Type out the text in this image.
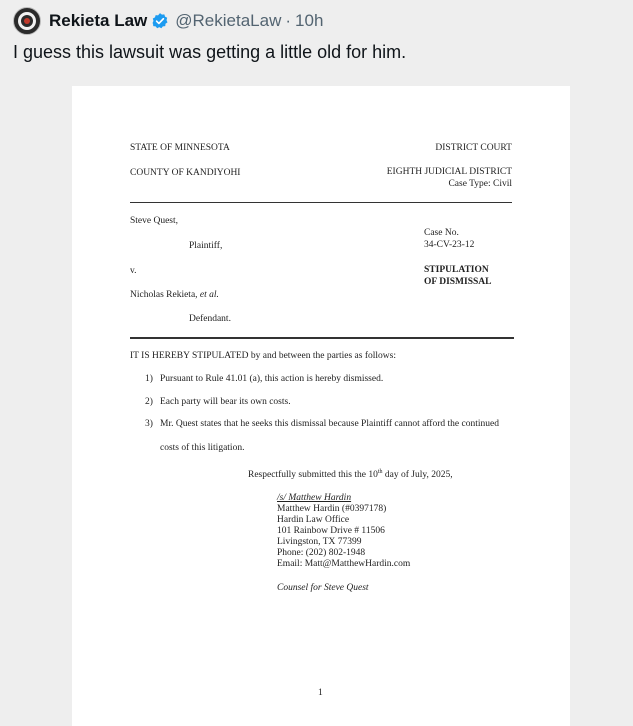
Rekieta Law @RekietaLaw · 10h
I guess this lawsuit was getting a little old for him.
STATE OF MINNESOTA
COUNTY OF KANDIYOHI
DISTRICT COURT
EIGHTH JUDICIAL DISTRICT
Case Type: Civil
Steve Quest,
Plaintiff,
v.
Nicholas Rekieta, et al.
Defendant.
Case No.
34-CV-23-12
STIPULATION
OF DISMISSAL
IT IS HEREBY STIPULATED by and between the parties as follows:
1) Pursuant to Rule 41.01 (a), this action is hereby dismissed.
2) Each party will bear its own costs.
3) Mr. Quest states that he seeks this dismissal because Plaintiff cannot afford the continued
costs of this litigation.
Respectfully submitted this the 10th day of July, 2025,
/s/ Matthew Hardin
Matthew Hardin (#0397178)
Hardin Law Office
101 Rainbow Drive # 11506
Livingston, TX 77399
Phone: (202) 802-1948
Email: Matt@MatthewHardin.com
Counsel for Steve Quest
1
